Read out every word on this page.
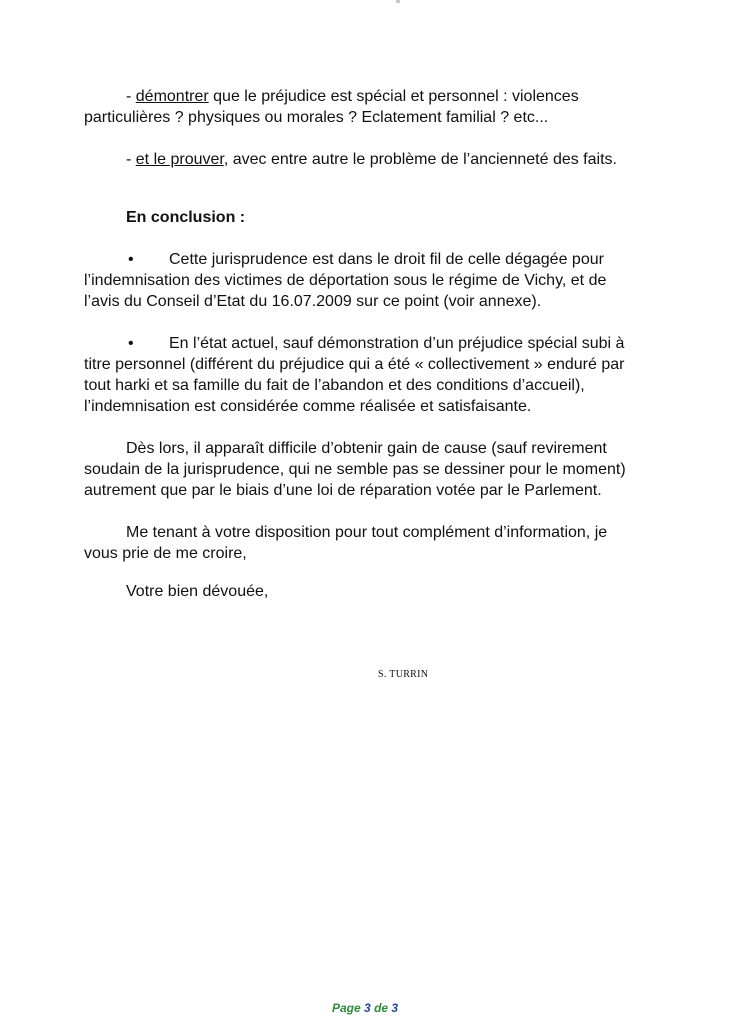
- démontrer que le préjudice est spécial et personnel : violences
particulières ? physiques ou morales ? Eclatement familial ? etc...
- et le prouver, avec entre autre le problème de l’ancienneté des faits.
En conclusion :
• Cette jurisprudence est dans le droit fil de celle dégagée pour
l’indemnisation des victimes de déportation sous le régime de Vichy, et de
l’avis du Conseil d’Etat du 16.07.2009 sur ce point (voir annexe).
• En l’état actuel, sauf démonstration d’un préjudice spécial subi à
titre personnel (différent du préjudice qui a été « collectivement » enduré par
tout harki et sa famille du fait de l’abandon et des conditions d’accueil),
l’indemnisation est considérée comme réalisée et satisfaisante.
Dès lors, il apparaît difficile d’obtenir gain de cause (sauf revirement
soudain de la jurisprudence, qui ne semble pas se dessiner pour le moment)
autrement que par le biais d’une loi de réparation votée par le Parlement.
Me tenant à votre disposition pour tout complément d’information, je
vous prie de me croire,
Votre bien dévouée,
S. TURRIN
Page 3 de 3
